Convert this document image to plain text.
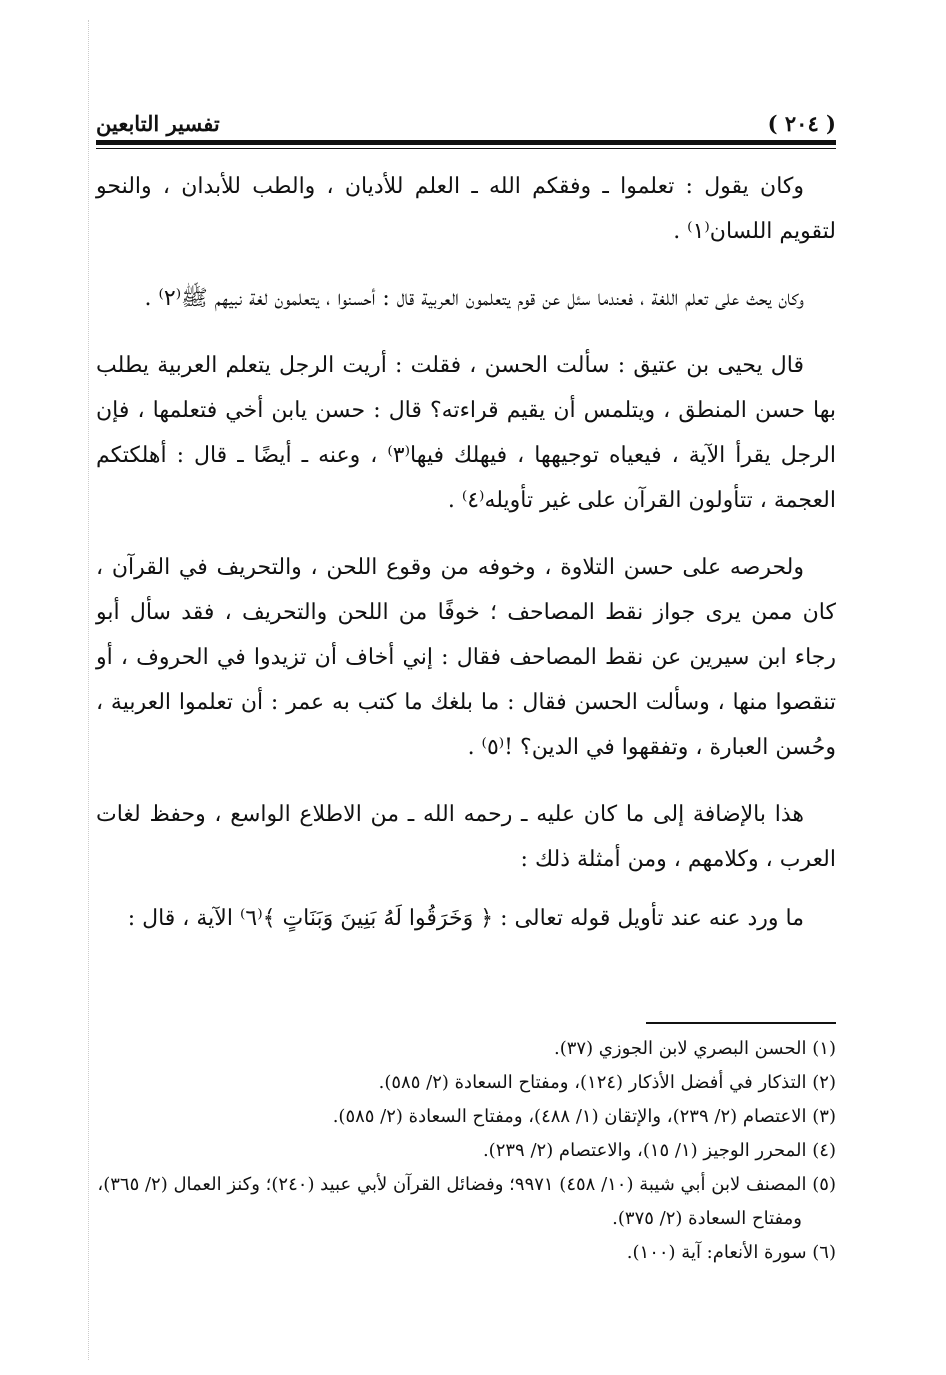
تفسير التابعين	( ٢٠٤ )

وكان يقول : تعلموا ـ وفقكم الله ـ العلم للأديان ، والطب للأبدان ، والنحو لتقويم اللسان⁽١⁾ .

وكان يحث على تعلم اللغة ، فعندما سئل عن قوم يتعلمون العربية قال : أحسنوا ، يتعلمون لغة نبيهم ﷺ⁽٢⁾ .

قال يحيى بن عتيق : سألت الحسن ، فقلت : أريت الرجل يتعلم العربية يطلب بها حسن المنطق ، ويتلمس أن يقيم قراءته؟ قال : حسن يابن أخي فتعلمها ، فإن الرجل يقرأ الآية ، فيعياه توجيهها ، فيهلك فيها⁽٣⁾ ، وعنه ـ أيضًا ـ قال : أهلكتكم العجمة ، تتأولون القرآن على غير تأويله⁽٤⁾ .

ولحرصه على حسن التلاوة ، وخوفه من وقوع اللحن ، والتحريف في القرآن ، كان ممن يرى جواز نقط المصاحف ؛ خوفًا من اللحن والتحريف ، فقد سأل أبو رجاء ابن سيرين عن نقط المصاحف فقال : إني أخاف أن تزيدوا في الحروف ، أو تنقصوا منها ، وسألت الحسن فقال : ما بلغك ما كتب به عمر : أن تعلموا العربية ، وحُسن العبارة ، وتفقهوا في الدين؟ !⁽٥⁾ .

هذا بالإضافة إلى ما كان عليه ـ رحمه الله ـ من الاطلاع الواسع ، وحفظ لغات العرب ، وكلامهم ، ومن أمثلة ذلك :

ما ورد عنه عند تأويل قوله تعالى : ﴿ وَخَرَقُوا لَهُ بَنِينَ وَبَنَاتٍ ﴾⁽٦⁾ الآية ، قال :

(١) الحسن البصري لابن الجوزي (٣٧).

(٢) التذكار في أفضل الأذكار (١٢٤)، ومفتاح السعادة (٢/ ٥٨٥).

(٣) الاعتصام (٢/ ٢٣٩)، والإتقان (١/ ٤٨٨)، ومفتاح السعادة (٢/ ٥٨٥).

(٤) المحرر الوجيز (١/ ١٥)، والاعتصام (٢/ ٢٣٩).

(٥) المصنف لابن أبي شيبة (١٠/ ٤٥٨) ٩٩٧١؛ وفضائل القرآن لأبي عبيد (٢٤٠)؛ وكنز العمال (٢/ ٣٦٥)، ومفتاح السعادة (٢/ ٣٧٥).

(٦) سورة الأنعام: آية (١٠٠).
